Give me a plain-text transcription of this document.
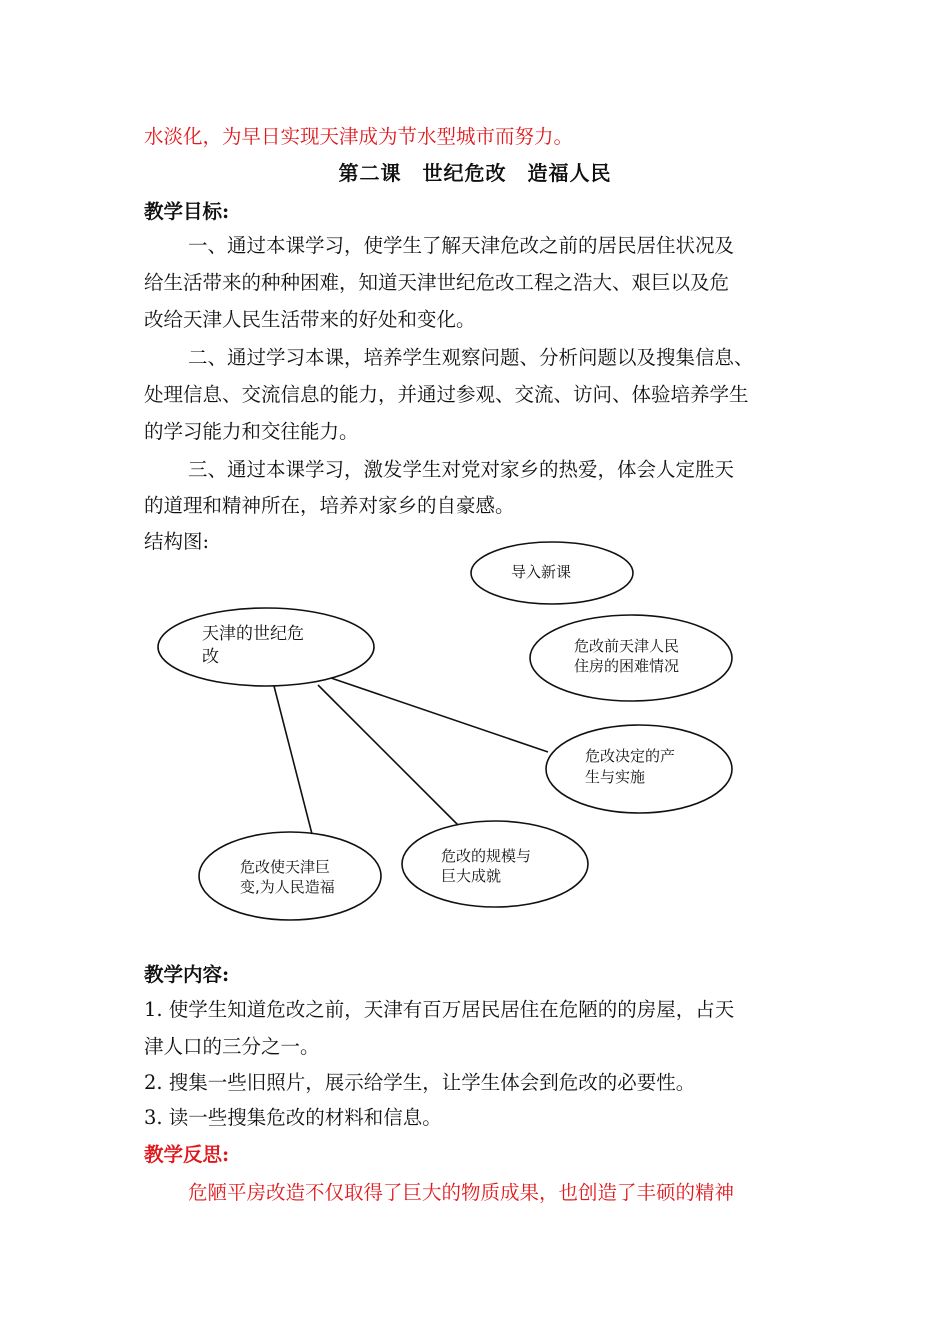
水淡化，为早日实现天津成为节水型城市而努力。
第二课　世纪危改　造福人民
教学目标:
一、通过本课学习，使学生了解天津危改之前的居民居住状况及
给生活带来的种种困难，知道天津世纪危改工程之浩大、艰巨以及危
改给天津人民生活带来的好处和变化。
二、通过学习本课，培养学生观察问题、分析问题以及搜集信息、
处理信息、交流信息的能力，并通过参观、交流、访问、体验培养学生
的学习能力和交往能力。
三、通过本课学习，激发学生对党对家乡的热爱，体会人定胜天
的道理和精神所在，培养对家乡的自豪感。
结构图:
导入新课
天津的世纪危
改
危改前天津人民
住房的困难情况
危改决定的产
生与实施
危改的规模与
巨大成就
危改使天津巨
变,为人民造福
教学内容:
1. 使学生知道危改之前，天津有百万居民居住在危陋的的房屋，占天
津人口的三分之一。
2. 搜集一些旧照片，展示给学生，让学生体会到危改的必要性。
3. 读一些搜集危改的材料和信息。
教学反思:
危陋平房改造不仅取得了巨大的物质成果，也创造了丰硕的精神
